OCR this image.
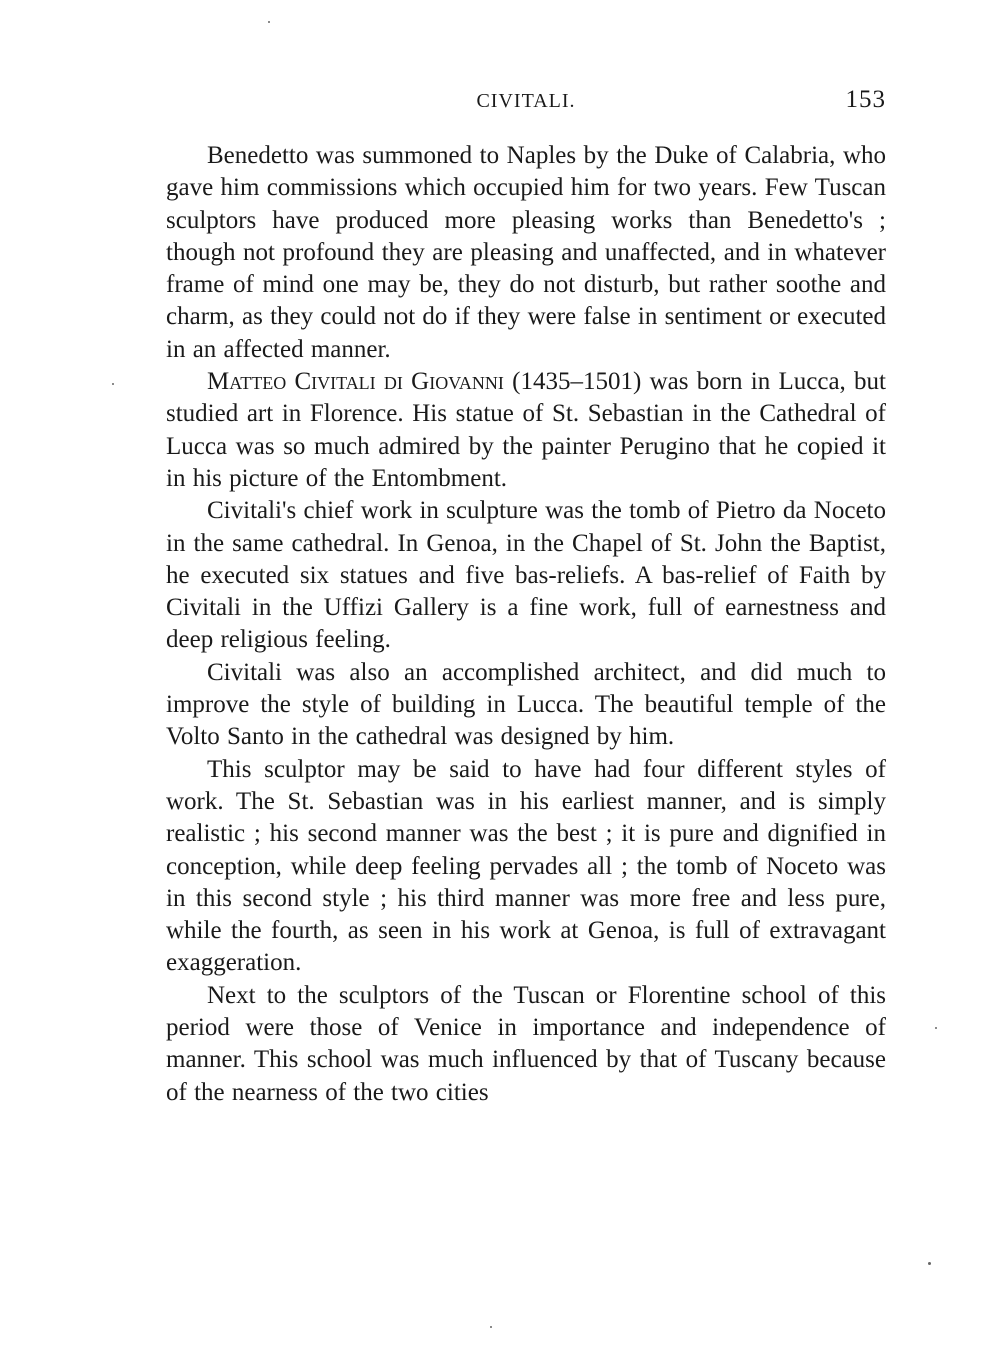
CIVITALI.	153

Benedetto was summoned to Naples by the Duke of Calabria, who gave him commissions which occupied him for two years. Few Tuscan sculptors have produced more pleasing works than Benedetto's ; though not profound they are pleasing and unaffected, and in whatever frame of mind one may be, they do not disturb, but rather soothe and charm, as they could not do if they were false in sentiment or executed in an affected manner.

Matteo Civitali di Giovanni (1435–1501) was born in Lucca, but studied art in Florence. His statue of St. Sebastian in the Cathedral of Lucca was so much admired by the painter Perugino that he copied it in his picture of the Entombment.

Civitali's chief work in sculpture was the tomb of Pietro da Noceto in the same cathedral. In Genoa, in the Chapel of St. John the Baptist, he executed six statues and five bas-reliefs. A bas-relief of Faith by Civitali in the Uffizi Gallery is a fine work, full of earnestness and deep religious feeling.

Civitali was also an accomplished architect, and did much to improve the style of building in Lucca. The beautiful temple of the Volto Santo in the cathedral was designed by him.

This sculptor may be said to have had four different styles of work. The St. Sebastian was in his earliest manner, and is simply realistic ; his second manner was the best ; it is pure and dignified in conception, while deep feeling pervades all ; the tomb of Noceto was in this second style ; his third manner was more free and less pure, while the fourth, as seen in his work at Genoa, is full of extravagant exaggeration.

Next to the sculptors of the Tuscan or Florentine school of this period were those of Venice in importance and independence of manner. This school was much influenced by that of Tuscany because of the nearness of the two cities
